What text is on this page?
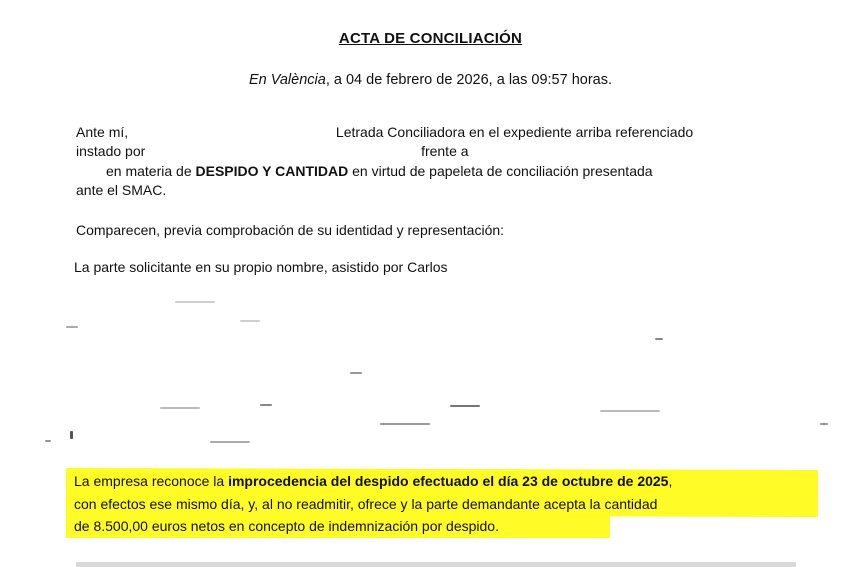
ACTA DE CONCILIACIÓN
En València, a 04 de febrero de 2026, a las 09:57 horas.
Ante mí,	Letrada Conciliadora en el expediente arriba referenciado
instado por	frente a
en materia de DESPIDO Y CANTIDAD en virtud de papeleta de conciliación presentada
ante el SMAC.
Comparecen, previa comprobación de su identidad y representación:
La parte solicitante en su propio nombre, asistido por Carlos
La empresa reconoce la improcedencia del despido efectuado el día 23 de octubre de 2025,
con efectos ese mismo día, y, al no readmitir, ofrece y la parte demandante acepta la cantidad
de 8.500,00 euros netos en concepto de indemnización por despido.
